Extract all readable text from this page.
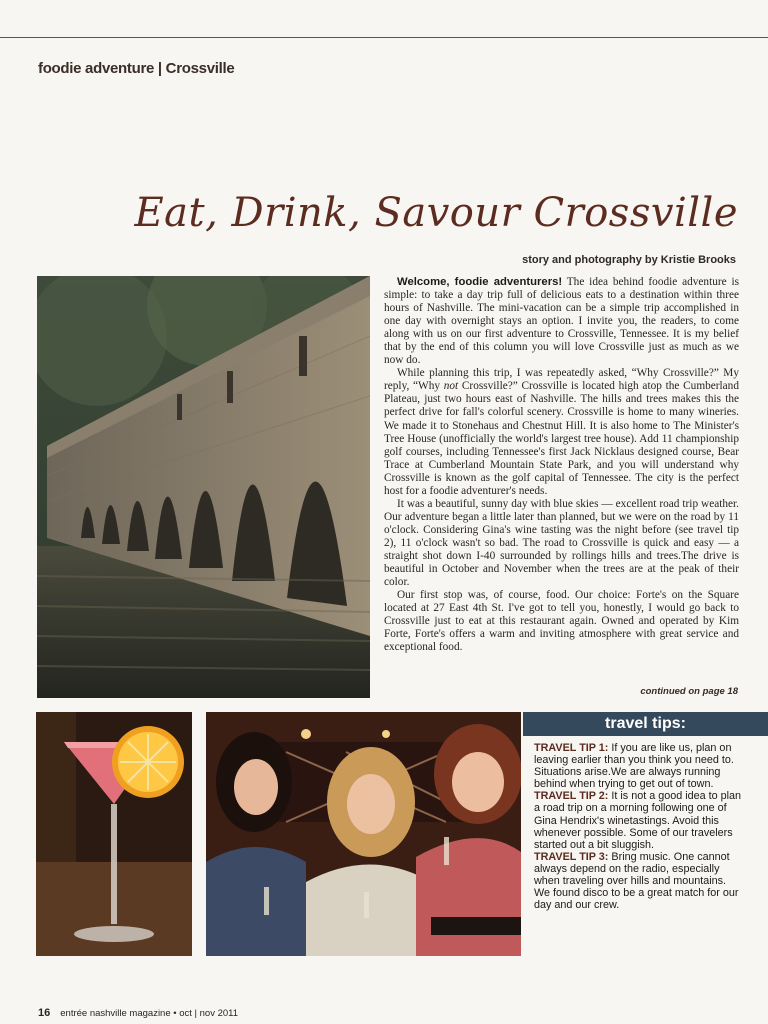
foodie adventure | Crossville
Eat, Drink, Savour Crossville
story and photography by Kristie Brooks

Welcome, foodie adventurers! The idea behind foodie adventure is simple: to take a day trip full of delicious eats to a destination within three hours of Nashville. The mini-vacation can be a simple trip accomplished in one day with overnight stays an option. I invite you, the readers, to come along with us on our first adventure to Crossville, Tennessee. It is my belief that by the end of this column you will love Crossville just as much as we now do.

While planning this trip, I was repeatedly asked, “Why Crossville?” My reply, “Why not Crossville?” Crossville is located high atop the Cumberland Plateau, just two hours east of Nashville. The hills and trees makes this the perfect drive for fall's colorful scenery. Crossville is home to many wineries. We made it to Stonehaus and Chestnut Hill. It is also home to The Minister's Tree House (unofficially the world's largest tree house). Add 11 championship golf courses, including Tennessee's first Jack Nicklaus designed course, Bear Trace at Cumberland Mountain State Park, and you will understand why Crossville is known as the golf capital of Tennessee. The city is the perfect host for a foodie adventurer's needs.

It was a beautiful, sunny day with blue skies — excellent road trip weather. Our adventure began a little later than planned, but we were on the road by 11 o'clock. Considering Gina's wine tasting was the night before (see travel tip 2), 11 o'clock wasn't so bad. The road to Crossville is quick and easy — a straight shot down I-40 surrounded by rollings hills and trees.The drive is beautiful in October and November when the trees are at the peak of their color.

Our first stop was, of course, food. Our choice: Forte's on the Square located at 27 East 4th St. I've got to tell you, honestly, I would go back to Crossville just to eat at this restaurant again. Owned and operated by Kim Forte, Forte's offers a warm and inviting atmosphere with great service and exceptional food.

continued on page 18
travel tips:

TRAVEL TIP 1: If you are like us, plan on leaving earlier than you think you need to. Situations arise.We are always running behind when trying to get out of town.

TRAVEL TIP 2: It is not a good idea to plan a road trip on a morning following one of Gina Hendrix's winetastings. Avoid this whenever possible. Some of our travelers started out a bit sluggish.

TRAVEL TIP 3: Bring music. One cannot always depend on the radio, especially when traveling over hills and mountains. We found disco to be a great match for our day and our crew.

16 entrée nashville magazine • oct | nov 2011
